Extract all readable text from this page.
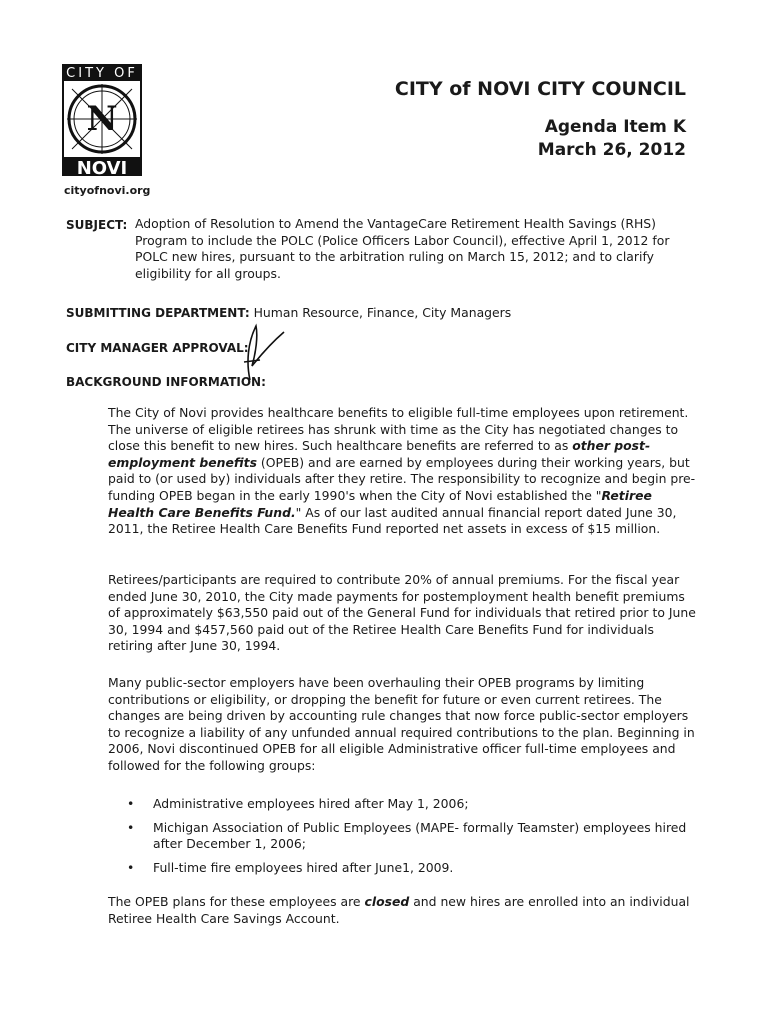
CITY OF
N
NOVI
cityofnovi.org
CITY of NOVI CITY COUNCIL
Agenda Item K
March 26, 2012
SUBJECT: Adoption of Resolution to Amend the VantageCare Retirement Health Savings (RHS) Program to include the POLC (Police Officers Labor Council), effective April 1, 2012 for POLC new hires, pursuant to the arbitration ruling on March 15, 2012; and to clarify eligibility for all groups.
SUBMITTING DEPARTMENT: Human Resource, Finance, City Managers
CITY MANAGER APPROVAL:
BACKGROUND INFORMATION:

The City of Novi provides healthcare benefits to eligible full-time employees upon retirement. The universe of eligible retirees has shrunk with time as the City has negotiated changes to close this benefit to new hires. Such healthcare benefits are referred to as other post-employment benefits (OPEB) and are earned by employees during their working years, but paid to (or used by) individuals after they retire. The responsibility to recognize and begin pre-funding OPEB began in the early 1990's when the City of Novi established the "Retiree Health Care Benefits Fund." As of our last audited annual financial report dated June 30, 2011, the Retiree Health Care Benefits Fund reported net assets in excess of $15 million.

Retirees/participants are required to contribute 20% of annual premiums. For the fiscal year ended June 30, 2010, the City made payments for postemployment health benefit premiums of approximately $63,550 paid out of the General Fund for individuals that retired prior to June 30, 1994 and $457,560 paid out of the Retiree Health Care Benefits Fund for individuals retiring after June 30, 1994.

Many public-sector employers have been overhauling their OPEB programs by limiting contributions or eligibility, or dropping the benefit for future or even current retirees. The changes are being driven by accounting rule changes that now force public-sector employers to recognize a liability of any unfunded annual required contributions to the plan. Beginning in 2006, Novi discontinued OPEB for all eligible Administrative officer full-time employees and followed for the following groups:

• Administrative employees hired after May 1, 2006;
• Michigan Association of Public Employees (MAPE- formally Teamster) employees hired after December 1, 2006;
• Full-time fire employees hired after June1, 2009.

The OPEB plans for these employees are closed and new hires are enrolled into an individual Retiree Health Care Savings Account.
